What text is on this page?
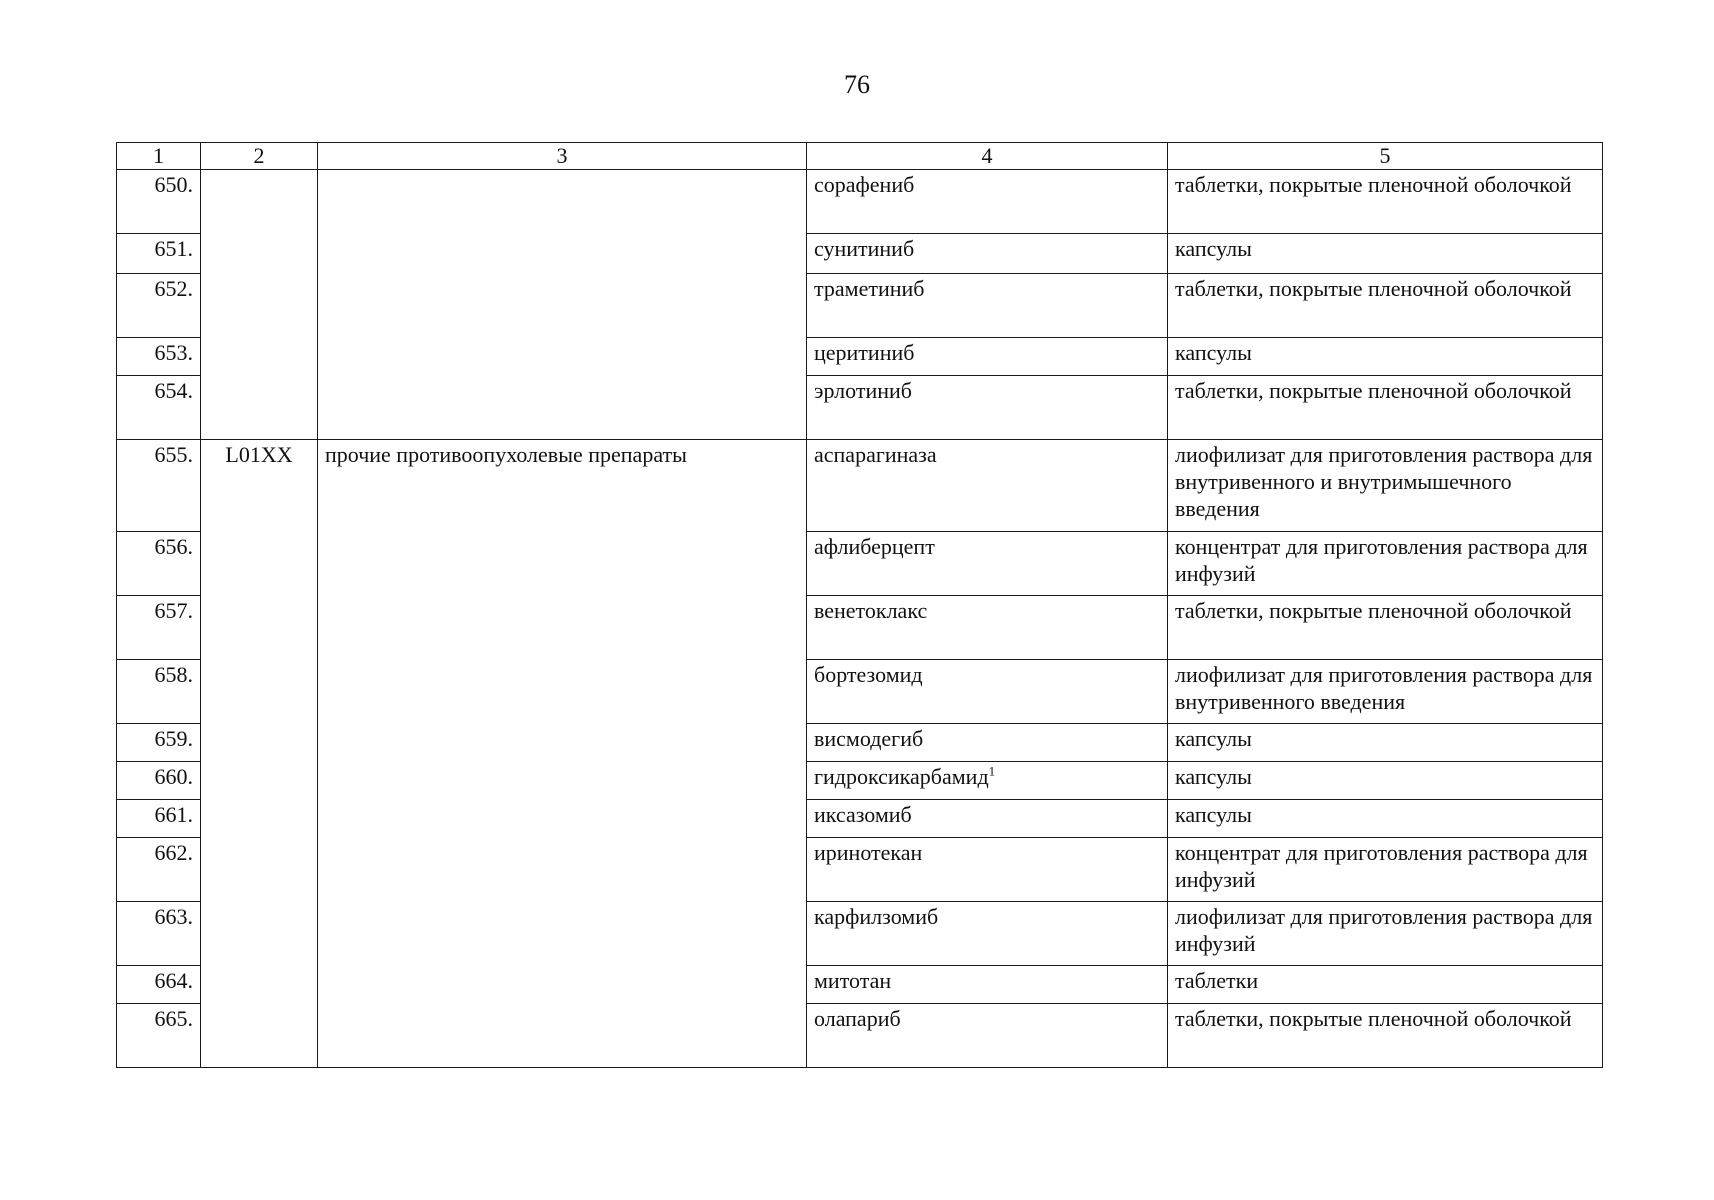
76
1	2	3	4	5
650.			сорафениб	таблетки, покрытые пленочной оболочкой
651.			сунитиниб	капсулы
652.			траметиниб	таблетки, покрытые пленочной оболочкой
653.			церитиниб	капсулы
654.			эрлотиниб	таблетки, покрытые пленочной оболочкой
655.	L01XX	прочие противоопухолевые препараты	аспарагиназа	лиофилизат для приготовления раствора для внутривенного и внутримышечного введения
656.			афлиберцепт	концентрат для приготовления раствора для инфузий
657.			венетоклакс	таблетки, покрытые пленочной оболочкой
658.			бортезомид	лиофилизат для приготовления раствора для внутривенного введения
659.			висмодегиб	капсулы
660.			гидроксикарбамид$^1$	капсулы
661.			иксазомиб	капсулы
662.			иринотекан	концентрат для приготовления раствора для инфузий
663.			карфилзомиб	лиофилизат для приготовления раствора для инфузий
664.			митотан	таблетки
665.			олапариб	таблетки, покрытые пленочной оболочкой
